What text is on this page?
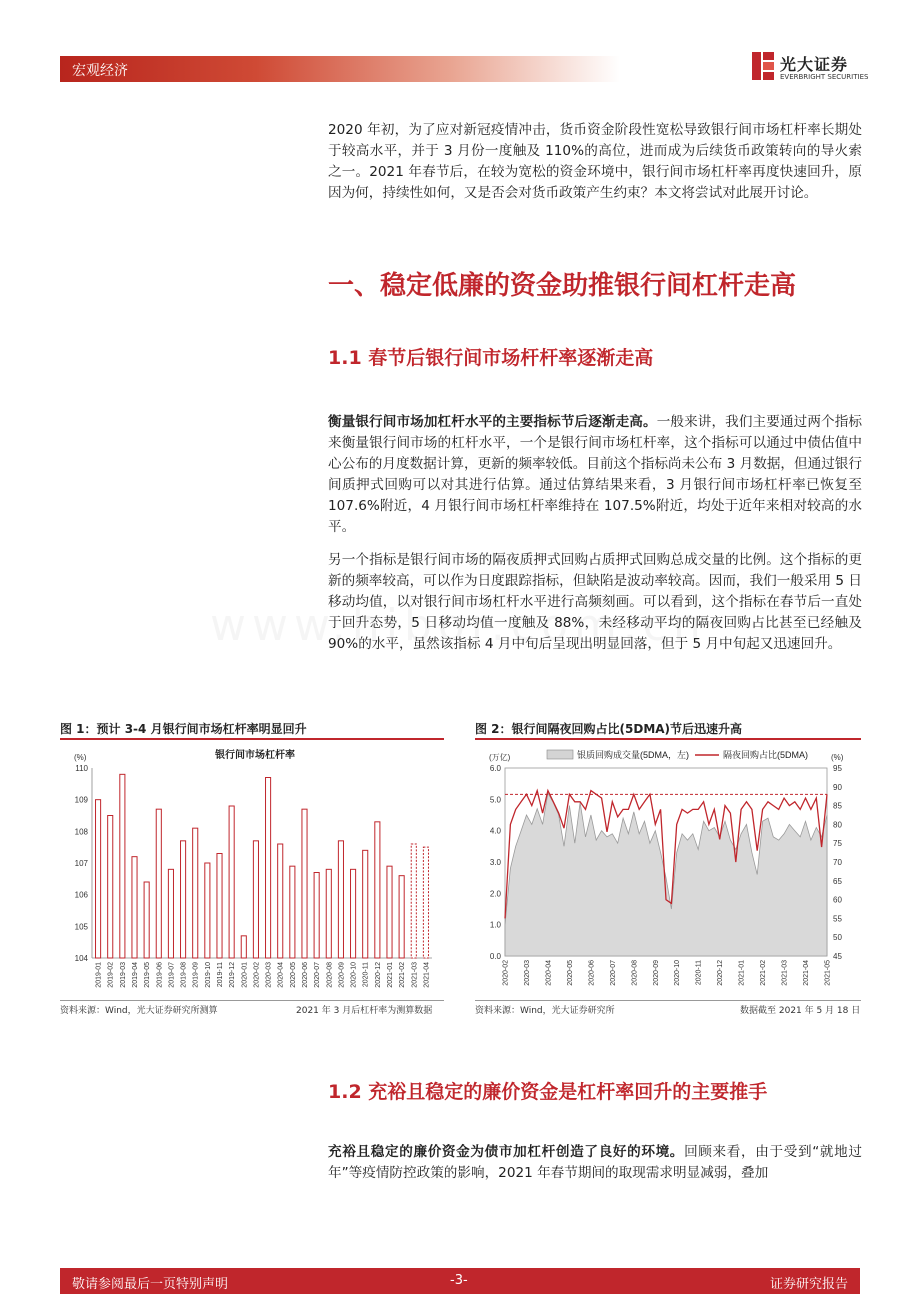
宏观经济	光大证券
EVERBRIGHT SECURITIES
2020 年初，为了应对新冠疫情冲击，货币资金阶段性宽松导致银行间市场杠杆率长期处于较高水平，并于 3 月份一度触及 110%的高位，进而成为后续货币政策转向的导火索之一。2021 年春节后，在较为宽松的资金环境中，银行间市场杠杆率再度快速回升，原因为何，持续性如何，又是否会对货币政策产生约束？本文将尝试对此展开讨论。
一、稳定低廉的资金助推银行间杠杆走高
1.1 春节后银行间市场杆杆率逐渐走高
衡量银行间市场加杠杆水平的主要指标节后逐渐走高。一般来讲，我们主要通过两个指标来衡量银行间市场的杠杆水平，一个是银行间市场杠杆率，这个指标可以通过中债估值中心公布的月度数据计算，更新的频率较低。目前这个指标尚未公布 3 月数据，但通过银行间质押式回购可以对其进行估算。通过估算结果来看，3 月银行间市场杠杆率已恢复至 107.6%附近，4 月银行间市场杠杆率维持在 107.5%附近，均处于近年来相对较高的水平。
另一个指标是银行间市场的隔夜质押式回购占质押式回购总成交量的比例。这个指标的更新的频率较高，可以作为日度跟踪指标，但缺陷是波动率较高。因而，我们一般采用 5 日移动均值，以对银行间市场杠杆水平进行高频刻画。可以看到，这个指标在春节后一直处于回升态势，5 日移动均值一度触及 88%，未经移动平均的隔夜回购占比甚至已经触及 90%的水平，虽然该指标 4 月中旬后呈现出明显回落，但于 5 月中旬起又迅速回升。
图 1：预计 3-4 月银行间市场杠杆率明显回升
银行间市场杠杆率
(%)
104
105
106
107
108
109
110
2019-01 2019-02 2019-03 2019-04 2019-05 2019-06 2019-07 2019-08 2019-09 2019-10 2019-11 2019-12 2020-01 2020-02 2020-03 2020-04 2020-05 2020-06 2020-07 2020-08 2020-09 2020-10 2020-11 2020-12 2021-01 2021-02 2021-03 2021-04
资料来源：Wind，光大证券研究所测算	2021 年 3 月后杠杆率为测算数据
图 2：银行间隔夜回购占比(5DMA)节后迅速升高
(万亿)	(%)
银质回购成交量(5DMA，左)	隔夜回购占比(5DMA)
0.0
1.0
2.0
3.0
4.0
5.0
6.0
45
50
55
60
65
70
75
80
85
90
95
2020-02 2020-03 2020-04 2020-05 2020-06 2020-07 2020-08 2020-09 2020-10 2020-11 2020-12 2021-01 2021-02 2021-03 2021-04 2021-05
资料来源：Wind，光大证券研究所	数据截至 2021 年 5 月 18 日
1.2 充裕且稳定的廉价资金是杠杆率回升的主要推手
充裕且稳定的廉价资金为债市加杠杆创造了良好的环境。回顾来看，由于受到“就地过年”等疫情防控政策的影响，2021 年春节期间的取现需求明显减弱，叠加
敬请参阅最后一页特别声明	-3-	证券研究报告
